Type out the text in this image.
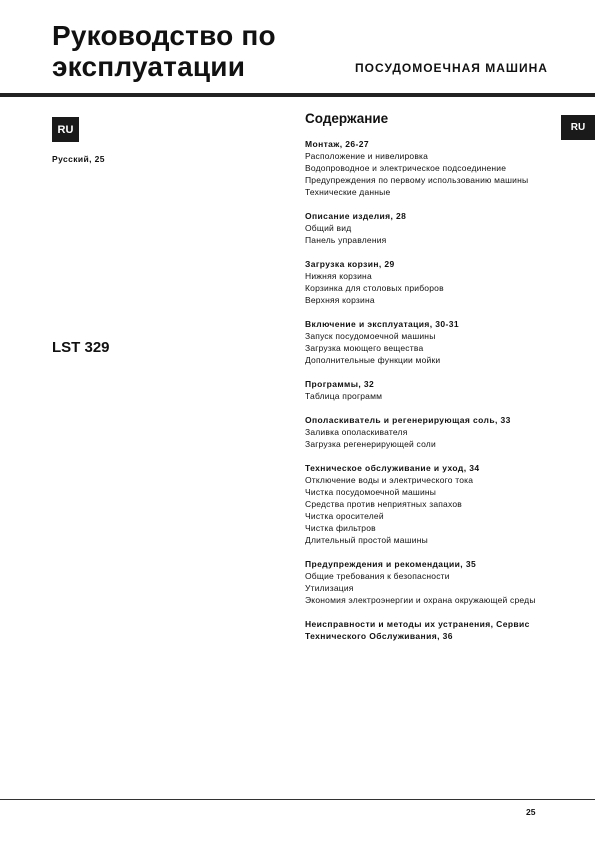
Руководство по
эксплуатации	ПОСУДОМОЕЧНАЯ МАШИНА
RU	RU
Русский, 25
LST 329
Содержание
Монтаж, 26-27
Расположение и нивелировка
Водопроводное и электрическое подсоединение
Предупреждения по первому использованию машины
Технические данные
Описание изделия, 28
Общий вид
Панель управления
Загрузка корзин, 29
Нижняя корзина
Корзинка для столовых приборов
Верхняя корзина
Включение и эксплуатация, 30-31
Запуск посудомоечной машины
Загрузка моющего вещества
Дополнительные функции мойки
Программы, 32
Таблица программ
Ополаскиватель и регенерирующая соль, 33
Заливка ополаскивателя
Загрузка регенерирующей соли
Техническое обслуживание и уход, 34
Отключение воды и электрического тока
Чистка посудомоечной машины
Средства против неприятных запахов
Чистка оросителей
Чистка фильтров
Длительный простой машины
Предупреждения и рекомендации, 35
Общие требования к безопасности
Утилизация
Экономия электроэнергии и охрана окружающей среды
Неисправности и методы их устранения, Сервис Технического Обслуживания, 36
25
